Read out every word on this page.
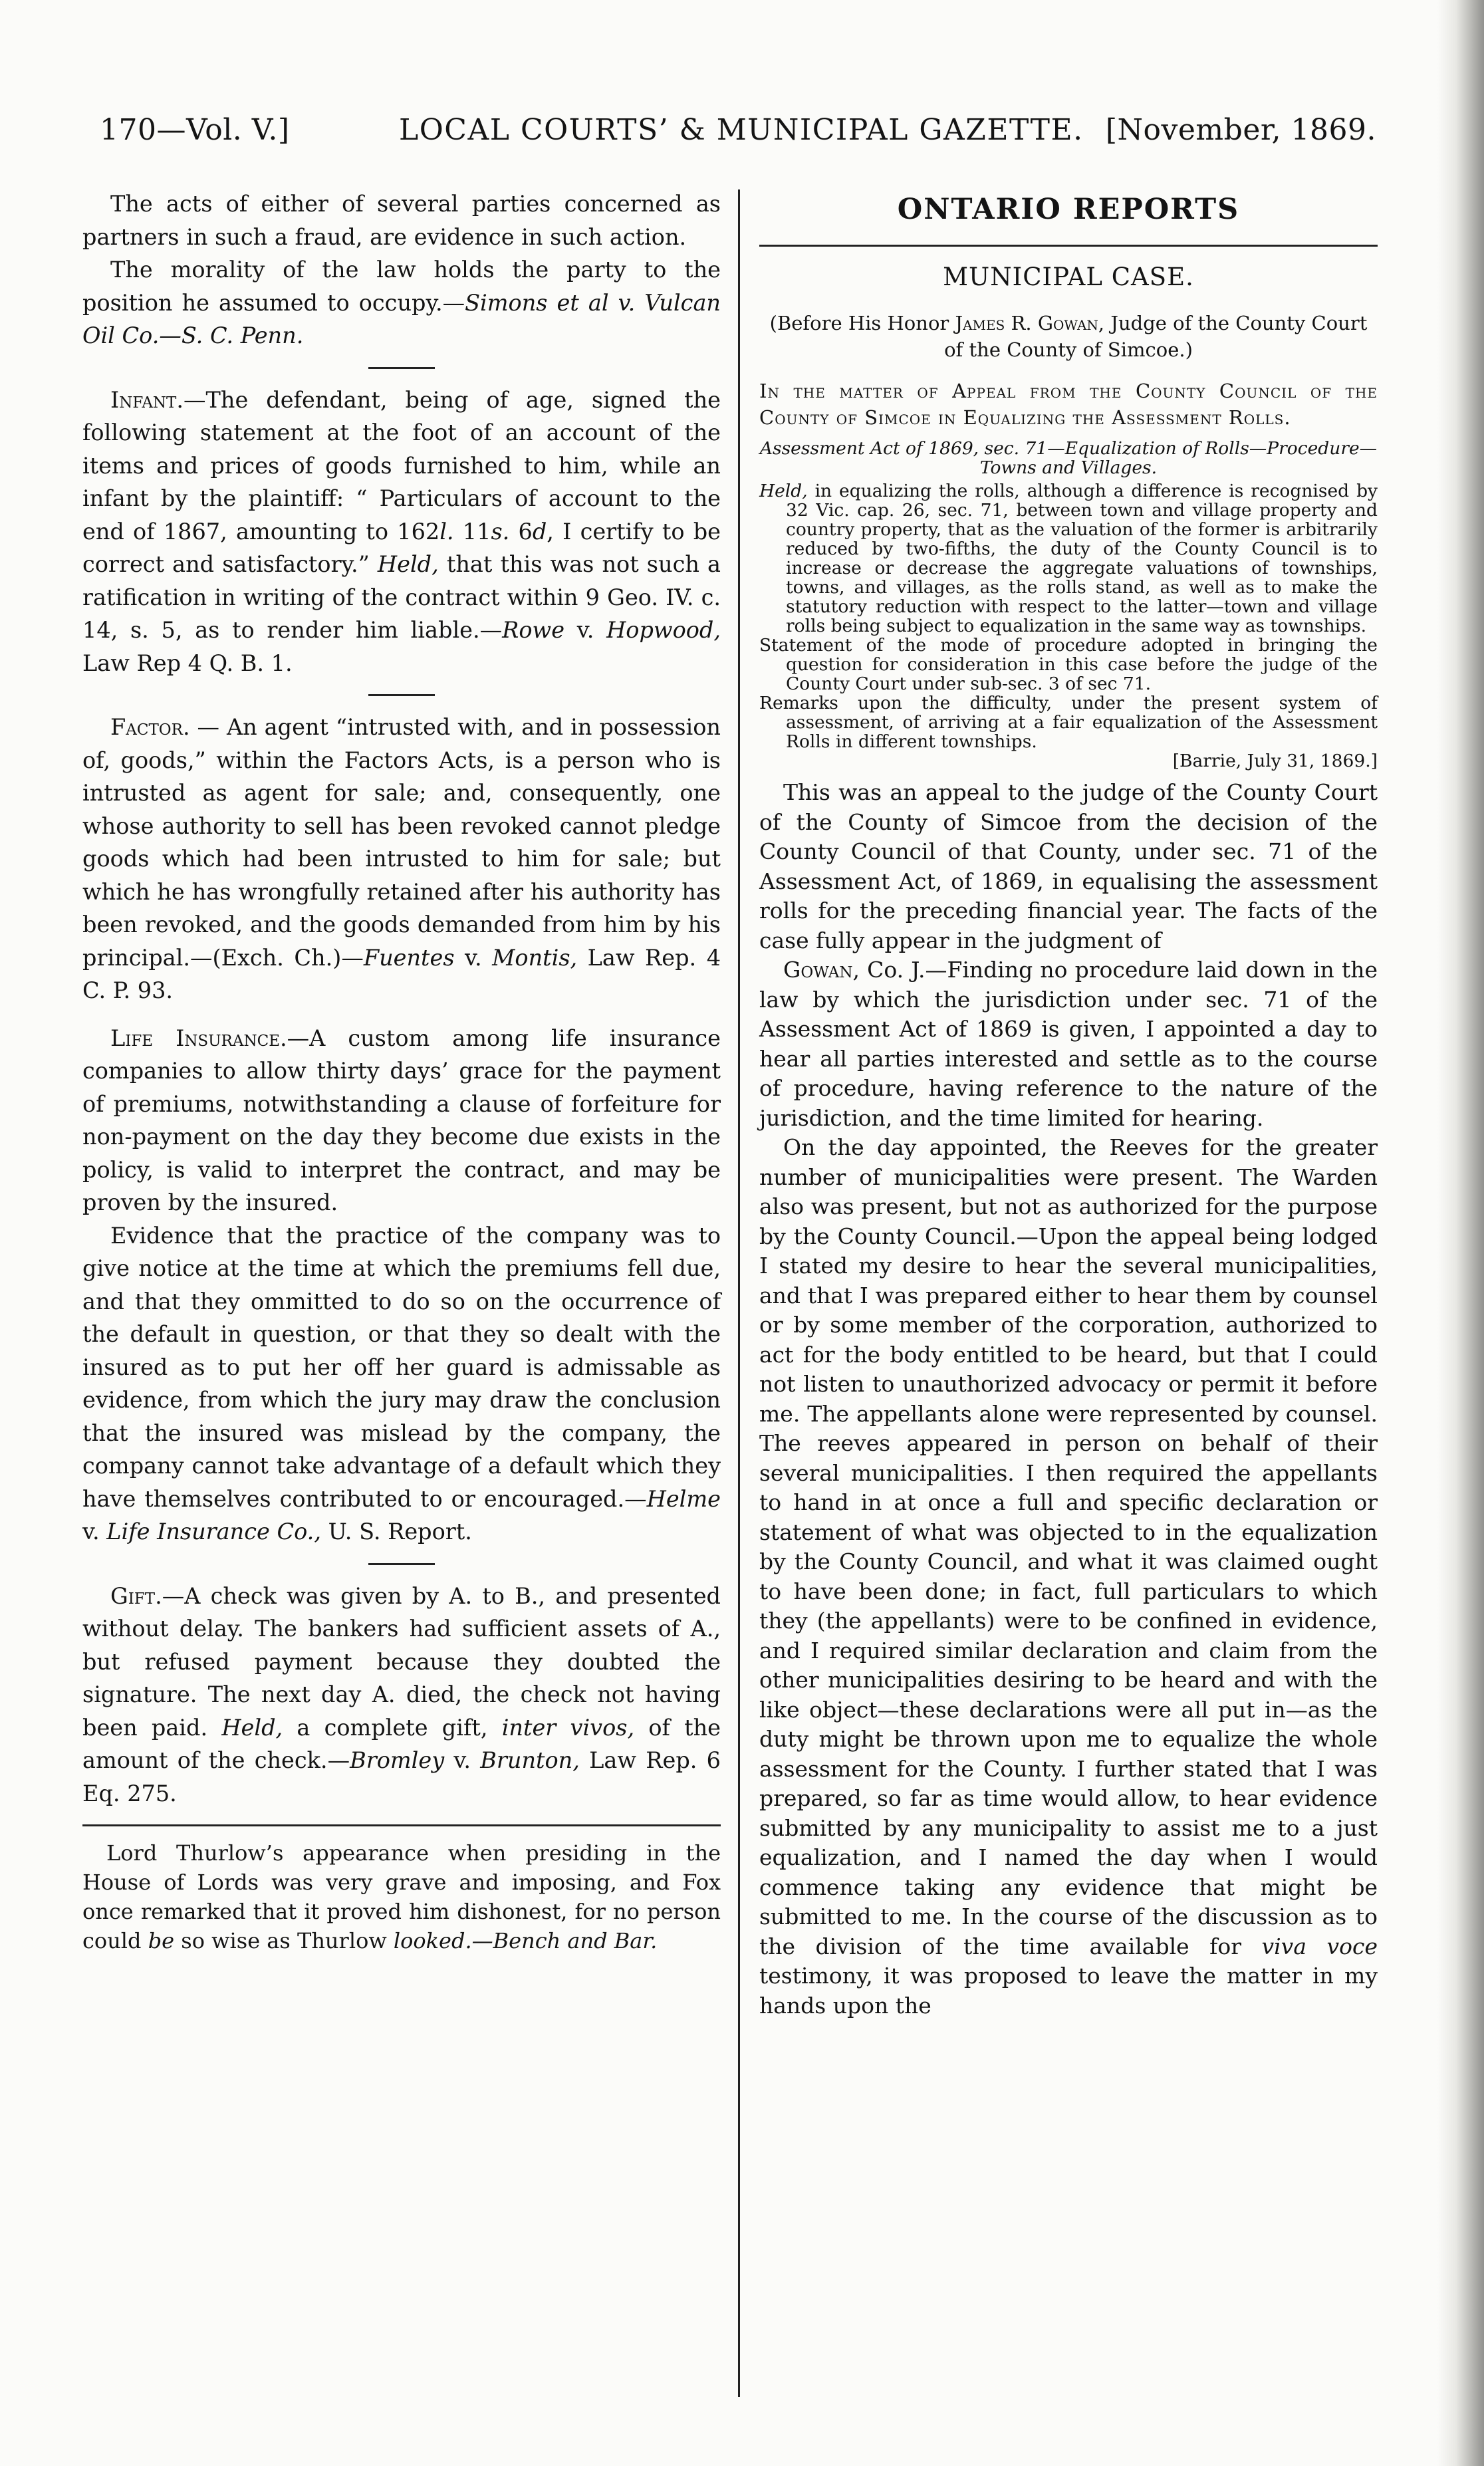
170—Vol. V.]	LOCAL COURTS’ & MUNICIPAL GAZETTE. [November, 1869.

The acts of either of several parties concerned as partners in such a fraud, are evidence in such action.

The morality of the law holds the party to the position he assumed to occupy.—Simons et al v. Vulcan Oil Co.—S. C. Penn.

Infant.—The defendant, being of age, signed the following statement at the foot of an account of the items and prices of goods furnished to him, while an infant by the plaintiff: “ Particulars of account to the end of 1867, amounting to 162l. 11s. 6d, I certify to be correct and satisfactory.” Held, that this was not such a ratification in writing of the contract within 9 Geo. IV. c. 14, s. 5, as to render him liable.—Rowe v. Hopwood, Law Rep 4 Q. B. 1.

Factor. — An agent “intrusted with, and in possession of, goods,” within the Factors Acts, is a person who is intrusted as agent for sale; and, consequently, one whose authority to sell has been revoked cannot pledge goods which had been intrusted to him for sale; but which he has wrongfully retained after his authority has been revoked, and the goods demanded from him by his principal.—(Exch. Ch.)—Fuentes v. Montis, Law Rep. 4 C. P. 93.

Life Insurance.—A custom among life insurance companies to allow thirty days’ grace for the payment of premiums, notwithstanding a clause of forfeiture for non-payment on the day they become due exists in the policy, is valid to interpret the contract, and may be proven by the insured.

Evidence that the practice of the company was to give notice at the time at which the premiums fell due, and that they ommitted to do so on the occurrence of the default in question, or that they so dealt with the insured as to put her off her guard is admissable as evidence, from which the jury may draw the conclusion that the insured was mislead by the company, the company cannot take advantage of a default which they have themselves contributed to or encouraged.—Helme v. Life Insurance Co., U. S. Report.

Gift.—A check was given by A. to B., and presented without delay. The bankers had sufficient assets of A., but refused payment because they doubted the signature. The next day A. died, the check not having been paid. Held, a complete gift, inter vivos, of the amount of the check.—Bromley v. Brunton, Law Rep. 6 Eq. 275.

Lord Thurlow’s appearance when presiding in the House of Lords was very grave and imposing, and Fox once remarked that it proved him dishonest, for no person could be so wise as Thurlow looked.—Bench and Bar.

ONTARIO REPORTS
MUNICIPAL CASE.
(Before His Honor James R. Gowan, Judge of the County Court of the County of Simcoe.)

In the matter of Appeal from the County Council of the County of Simcoe in Equalizing the Assessment Rolls.

Assessment Act of 1869, sec. 71—Equalization of Rolls—Procedure—Towns and Villages.

Held, in equalizing the rolls, although a difference is recognised by 32 Vic. cap. 26, sec. 71, between town and village property and country property, that as the valuation of the former is arbitrarily reduced by two-fifths, the duty of the County Council is to increase or decrease the aggregate valuations of townships, towns, and villages, as the rolls stand, as well as to make the statutory reduction with respect to the latter—town and village rolls being subject to equalization in the same way as townships.

Statement of the mode of procedure adopted in bringing the question for consideration in this case before the judge of the County Court under sub-sec. 3 of sec 71.

Remarks upon the difficulty, under the present system of assessment, of arriving at a fair equalization of the Assessment Rolls in different townships.

[Barrie, July 31, 1869.]

This was an appeal to the judge of the County Court of the County of Simcoe from the decision of the County Council of that County, under sec. 71 of the Assessment Act, of 1869, in equalising the assessment rolls for the preceding financial year. The facts of the case fully appear in the judgment of

Gowan, Co. J.—Finding no procedure laid down in the law by which the jurisdiction under sec. 71 of the Assessment Act of 1869 is given, I appointed a day to hear all parties interested and settle as to the course of procedure, having reference to the nature of the jurisdiction, and the time limited for hearing.

On the day appointed, the Reeves for the greater number of municipalities were present. The Warden also was present, but not as authorized for the purpose by the County Council.—Upon the appeal being lodged I stated my desire to hear the several municipalities, and that I was prepared either to hear them by counsel or by some member of the corporation, authorized to act for the body entitled to be heard, but that I could not listen to unauthorized advocacy or permit it before me. The appellants alone were represented by counsel. The reeves appeared in person on behalf of their several municipalities. I then required the appellants to hand in at once a full and specific declaration or statement of what was objected to in the equalization by the County Council, and what it was claimed ought to have been done; in fact, full particulars to which they (the appellants) were to be confined in evidence, and I required similar declaration and claim from the other municipalities desiring to be heard and with the like object—these declarations were all put in—as the duty might be thrown upon me to equalize the whole assessment for the County. I further stated that I was prepared, so far as time would allow, to hear evidence submitted by any municipality to assist me to a just equalization, and I named the day when I would commence taking any evidence that might be submitted to me. In the course of the discussion as to the division of the time available for viva voce testimony, it was proposed to leave the matter in my hands upon the
